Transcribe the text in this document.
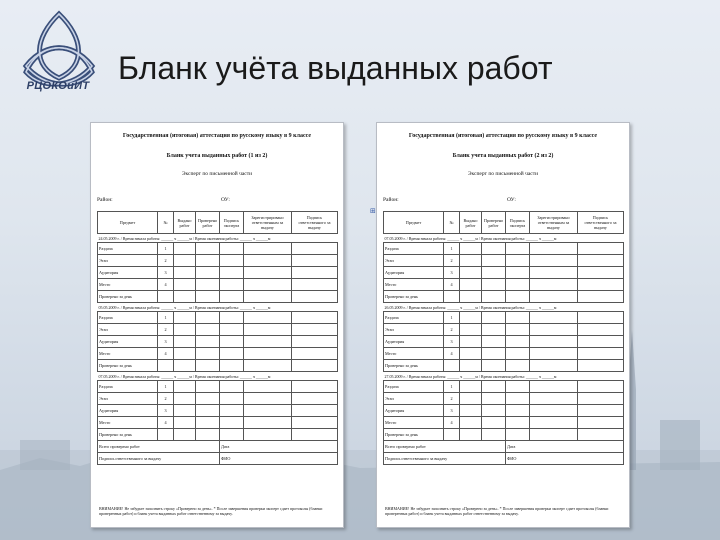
РЦОКОиИТ Бланк учёта выданных работ
Государственная (итоговая) аттестация по русскому языку в 9 классе
Бланк учета выданных работ (1 из 2)
Эксперт по письменной части
Район:	ОУ:
Предмет	№	Выдано работ	Проверено работ	Подпись эксперта	Зарегистрировано ответственным за выдачу	Подпись ответственного за выдачу
24.05.2009 г. / Время начала работы: ______ ч ______м / Время окончания работы: ______ ч ______м						
Раздача	1					
Этап	2					
Аудитория	3					
Место	4					
Проверено за день						
05.05.2009 г. / Время начала работы: ______ ч ______м / Время окончания работы: ______ ч ______м						
Раздача	1					
Этап	2					
Аудитория	3					
Место	4					
Проверено за день						
07.05.2009 г. / Время начала работы: ______ ч ______м / Время окончания работы: ______ ч ______м						
Раздача	1					
Этап	2					
Аудитория	3					
Место	4					
Проверено за день						
Всего проверено работ				Дата		
Подпись ответственного за выдачу				ФИО		
ВНИМАНИЕ! Не забудьте заполнить строку «Проверено за день». * После завершения проверки эксперт сдает протоколы (бланки проверенных работ) и бланк учета выданных работ ответственному за выдачу.
⊞
Государственная (итоговая) аттестация по русскому языку в 9 классе
Бланк учета выданных работ (2 из 2)
Эксперт по письменной части
Район:	ОУ:
Предмет	№	Выдано работ	Проверено работ	Подпись эксперта	Зарегистрировано ответственным за выдачу	Подпись ответственного за выдачу
07.05.2009 г. / Время начала работы: ______ ч ______м / Время окончания работы: ______ ч ______м						
Раздача	1					
Этап	2					
Аудитория	3					
Место	4					
Проверено за день						
26.05.2009 г. / Время начала работы: ______ ч ______м / Время окончания работы: ______ ч ______м						
Раздача	1					
Этап	2					
Аудитория	3					
Место	4					
Проверено за день						
27.05.2009 г. / Время начала работы: ______ ч ______м / Время окончания работы: ______ ч ______м						
Раздача	1					
Этап	2					
Аудитория	3					
Место	4					
Проверено за день						
Всего проверено работ				Дата		
Подпись ответственного за выдачу				ФИО		
ВНИМАНИЕ! Не забудьте заполнить строку «Проверено за день». * После завершения проверки эксперт сдает протоколы (бланки проверенных работ) и бланк учета выданных работ ответственному за выдачу.
